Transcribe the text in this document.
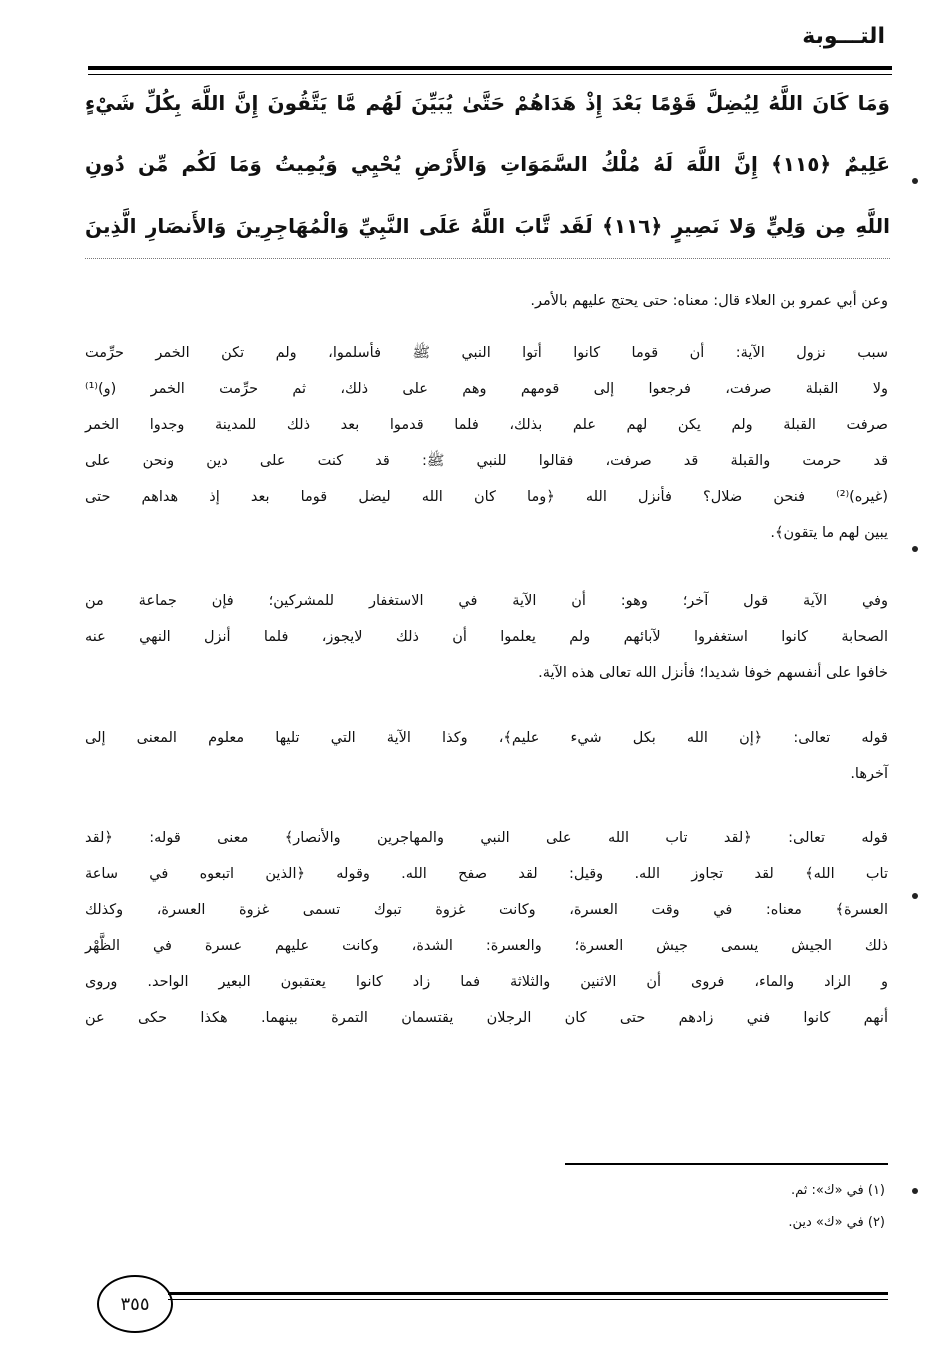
التـــوبة
وَمَا كَانَ اللَّهُ لِيُضِلَّ قَوْمًا بَعْدَ إِذْ هَدَاهُمْ حَتَّىٰ يُبَيِّنَ لَهُم مَّا يَتَّقُونَ إِنَّ اللَّهَ بِكُلِّ شَيْءٍ
عَلِيمٌ ﴿١١٥﴾ إِنَّ اللَّهَ لَهُ مُلْكُ السَّمَوَاتِ وَالأَرْضِ يُحْيِي وَيُمِيتُ وَمَا لَكُم مِّن دُونِ
اللَّهِ مِن وَلِيٍّ وَلا نَصِيرٍ ﴿١١٦﴾ لَقَد تَّابَ اللَّهُ عَلَى النَّبِيِّ وَالْمُهَاجِرِينَ وَالأَنصَارِ الَّذِينَ
وعن أبي عمرو بن العلاء قال: معناه: حتى يحتج عليهم بالأمر.
سبب نزول الآية: أن قوما كانوا أتوا النبي ﷺ فأسلموا، ولم تكن الخمر حرِّمت
ولا القبلة صرفت، فرجعوا إلى قومهم وهم على ذلك، ثم حرِّمت الخمر (و)⁽¹⁾
صرفت القبلة ولم يكن لهم علم بذلك، فلما قدموا بعد ذلك للمدينة وجدوا الخمر
قد حرمت والقبلة قد صرفت، فقالوا للنبي ﷺ: قد كنت على دين ونحن على
(غيره)⁽²⁾ فنحن ضلال؟ فأنزل الله ﴿وما كان الله ليضل قوما بعد إذ هداهم حتى
يبين لهم ما يتقون﴾.
وفي الآية قول آخر؛ وهو: أن الآية في الاستغفار للمشركين؛ فإن جماعة من
الصحابة كانوا استغفروا لآبائهم ولم يعلموا أن ذلك لايجوز، فلما أنزل النهي عنه
خافوا على أنفسهم خوفا شديدا؛ فأنزل الله تعالى هذه الآية.
قوله تعالى: ﴿إن الله بكل شيء عليم﴾، وكذا الآية التي تليها معلوم المعنى إلى
آخرها.
قوله تعالى: ﴿لقد تاب الله على النبي والمهاجرين والأنصار﴾ معنى قوله: ﴿لقد
تاب الله﴾ لقد تجاوز الله. وقيل: لقد صفح الله. وقوله ﴿الذين اتبعوه في ساعة
العسرة﴾ معناه: في وقت العسرة، وكانت غزوة تبوك تسمى غزوة العسرة، وكذلك
ذلك الجيش يسمى جيش العسرة؛ والعسرة: الشدة، وكانت عليهم عسرة في الظَّهْر
و الزاد والماء، فروى أن الاثنين والثلاثة فما زاد كانوا يعتقبون البعير الواحد. وروى
أنهم كانوا فني زادهم حتى كان الرجلان يقتسمان التمرة بينهما. هكذا حكى عن
(١) في «ك»: ثم.
(٢) في «ك» دين.
٣٥٥
